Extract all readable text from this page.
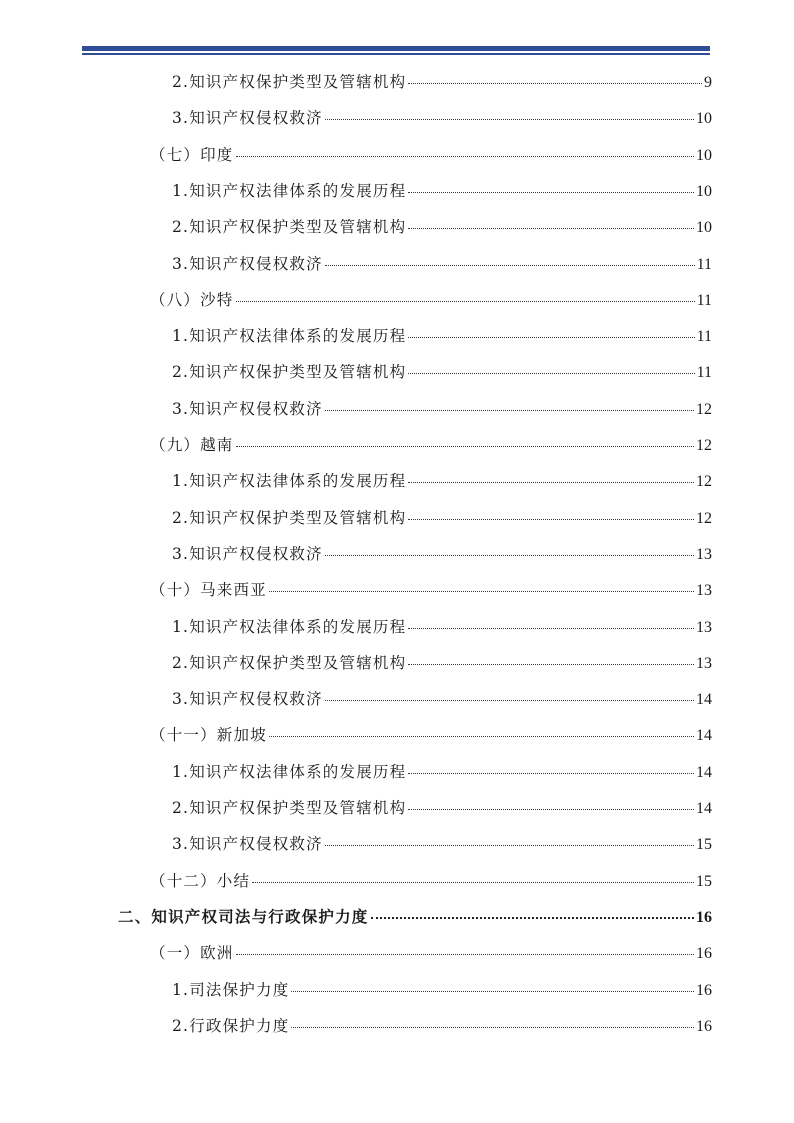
2.知识产权保护类型及管辖机构	9
3.知识产权侵权救济	10
（七）印度	10
1.知识产权法律体系的发展历程	10
2.知识产权保护类型及管辖机构	10
3.知识产权侵权救济	11
（八）沙特	11
1.知识产权法律体系的发展历程	11
2.知识产权保护类型及管辖机构	11
3.知识产权侵权救济	12
（九）越南	12
1.知识产权法律体系的发展历程	12
2.知识产权保护类型及管辖机构	12
3.知识产权侵权救济	13
（十）马来西亚	13
1.知识产权法律体系的发展历程	13
2.知识产权保护类型及管辖机构	13
3.知识产权侵权救济	14
（十一）新加坡	14
1.知识产权法律体系的发展历程	14
2.知识产权保护类型及管辖机构	14
3.知识产权侵权救济	15
（十二）小结	15
二、知识产权司法与行政保护力度	16
（一）欧洲	16
1.司法保护力度	16
2.行政保护力度	16
